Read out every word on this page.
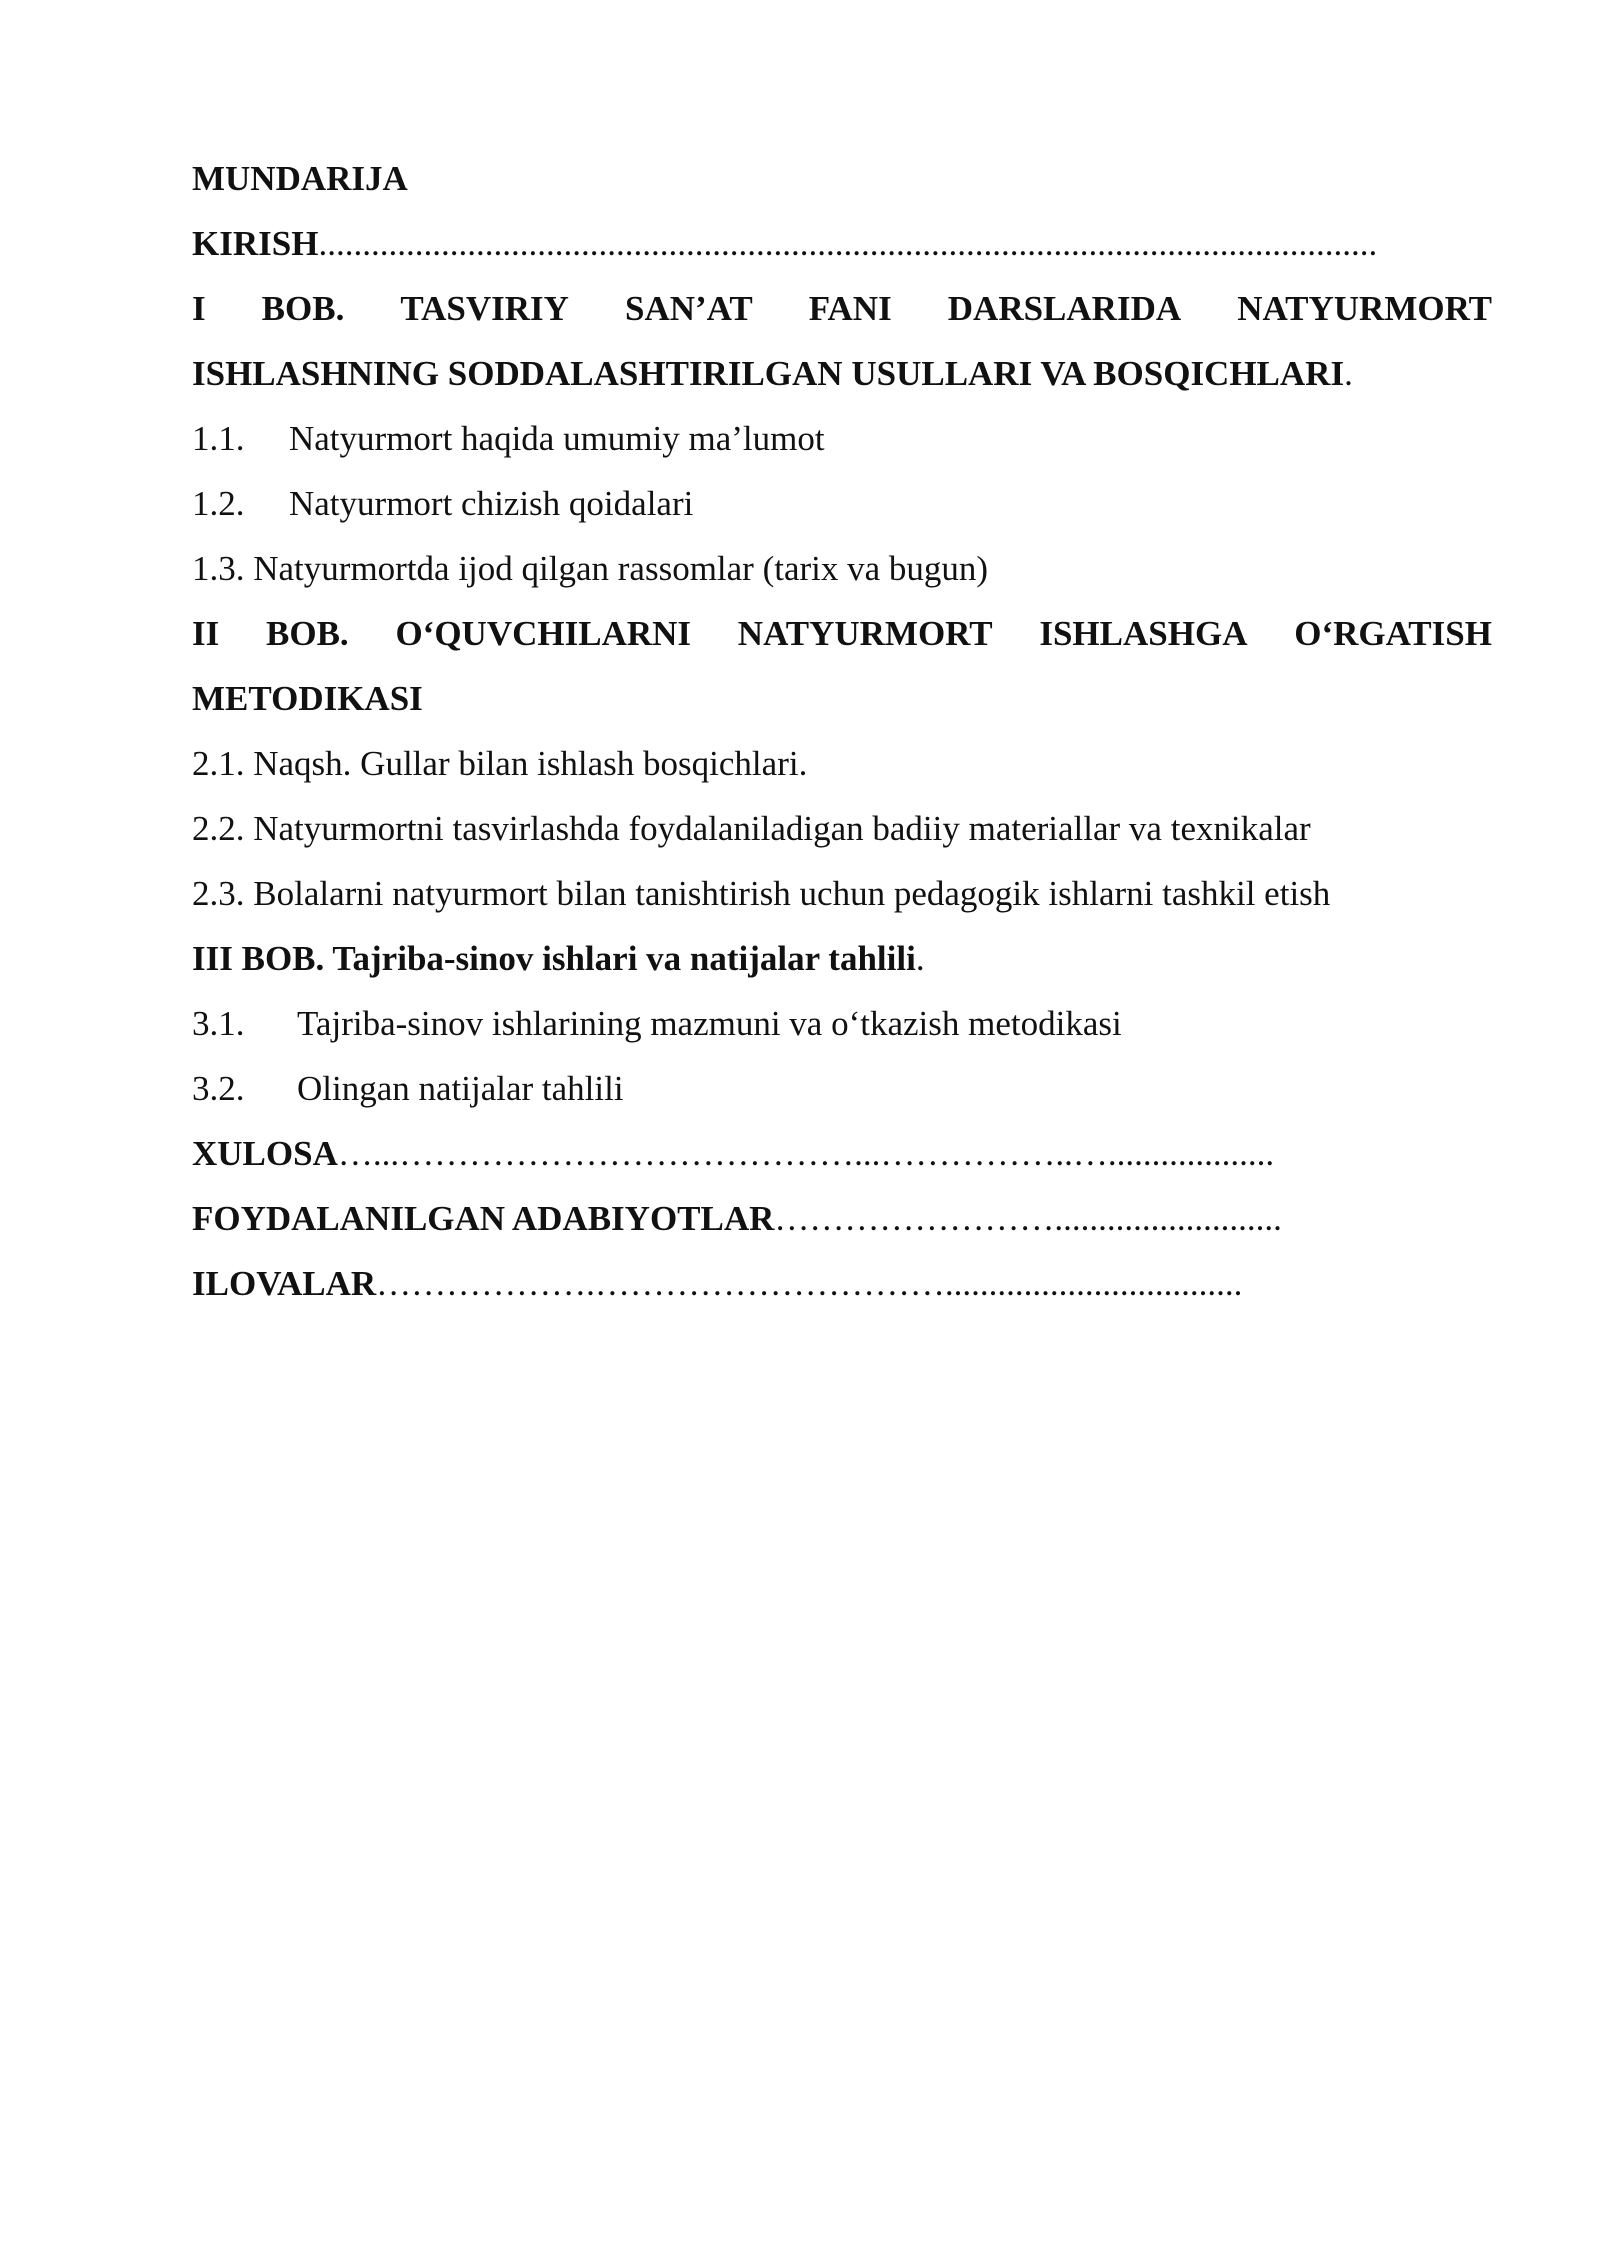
MUNDARIJA
KIRISH.........................................................................................................................
I BOB. TASVIRIY SAN’AT FANI DARSLARIDA NATYURMORT
ISHLASHNING SODDALASHTIRILGAN USULLARI VA BOSQICHLARI.
1.1. Natyurmort haqida umumiy ma’lumot
1.2. Natyurmort chizish qoidalari
1.3. Natyurmortda ijod qilgan rassomlar (tarix va bugun)
II BOB. O‘QUVCHILARNI NATYURMORT ISHLASHGA O‘RGATISH
METODIKASI
2.1. Naqsh. Gullar bilan ishlash bosqichlari.
2.2. Natyurmortni tasvirlashda foydalaniladigan badiiy materiallar va texnikalar
2.3. Bolalarni natyurmort bilan tanishtirish uchun pedagogik ishlarni tashkil etish
III BOB. Tajriba-sinov ishlari va natijalar tahlili.
3.1. Tajriba-sinov ishlarining mazmuni va o‘tkazish metodikasi
3.2. Olingan natijalar tahlili
XULOSA…...…………………………………...……………..…...................
FOYDALANILGAN ADABIYOTLAR……………………..........................
ILOVALAR……………….…………………………..................................
